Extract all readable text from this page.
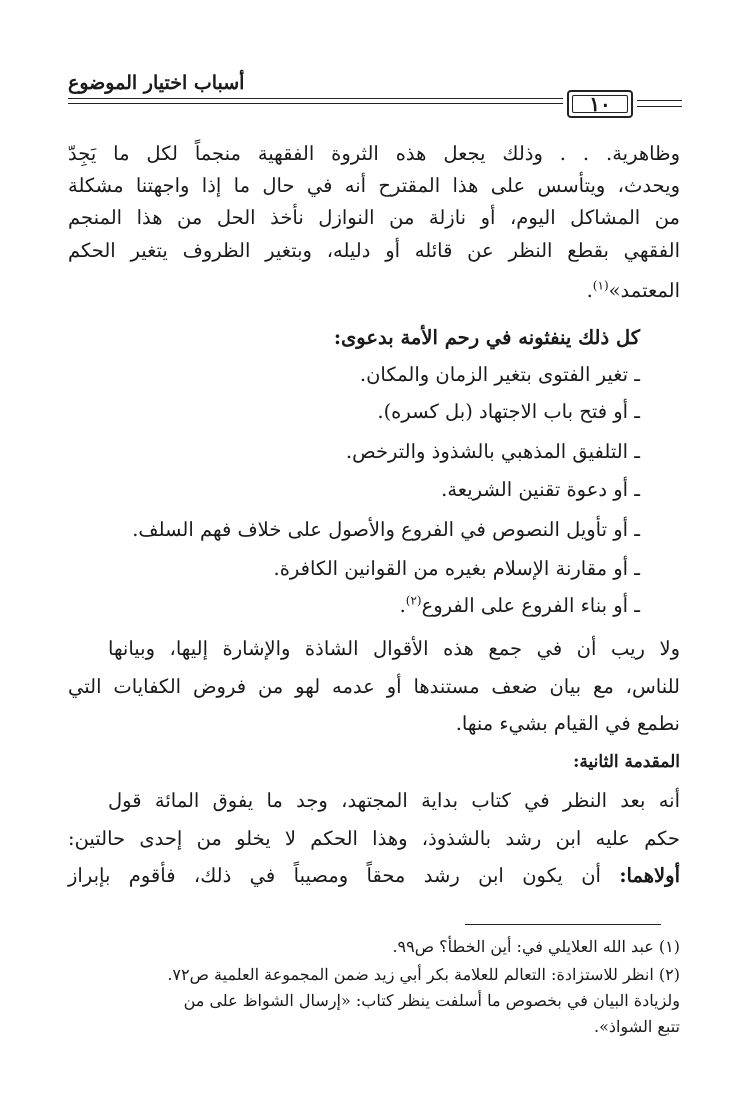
أسباب اختيار الموضوع
١٠
وظاهرية. . . وذلك يجعل هذه الثروة الفقهية منجماً لكل ما يَجِدّ
ويحدث، ويتأسس على هذا المقترح أنه في حال ما إذا واجهتنا مشكلة
من المشاكل اليوم، أو نازلة من النوازل نأخذ الحل من هذا المنجم
الفقهي بقطع النظر عن قائله أو دليله، وبتغير الظروف يتغير الحكم
المعتمد»$^{(١)}$.
كل ذلك ينفثونه في رحم الأمة بدعوى:
ـ تغير الفتوى بتغير الزمان والمكان.
ـ أو فتح باب الاجتهاد (بل كسره).
ـ التلفيق المذهبي بالشذوذ والترخص.
ـ أو دعوة تقنين الشريعة.
ـ أو تأويل النصوص في الفروع والأصول على خلاف فهم السلف.
ـ أو مقارنة الإسلام بغيره من القوانين الكافرة.
ـ أو بناء الفروع على الفروع$^{(٢)}$.
ولا ريب أن في جمع هذه الأقوال الشاذة والإشارة إليها، وبيانها
للناس، مع بيان ضعف مستندها أو عدمه لهو من فروض الكفايات التي
نطمع في القيام بشيء منها.
المقدمة الثانية:
أنه بعد النظر في كتاب بداية المجتهد، وجد ما يفوق المائة قول
حكم عليه ابن رشد بالشذوذ، وهذا الحكم لا يخلو من إحدى حالتين:
أولاهما: أن يكون ابن رشد محقاً ومصيباً في ذلك، فأقوم بإبراز
(١) عبد الله العلايلي في: أين الخطأ؟ ص٩٩.
(٢) انظر للاستزادة: التعالم للعلامة بكر أبي زيد ضمن المجموعة العلمية ص٧٢.
ولزيادة البيان في بخصوص ما أسلفت ينظر كتاب: «إرسال الشواظ على من
تتبع الشواذ».
